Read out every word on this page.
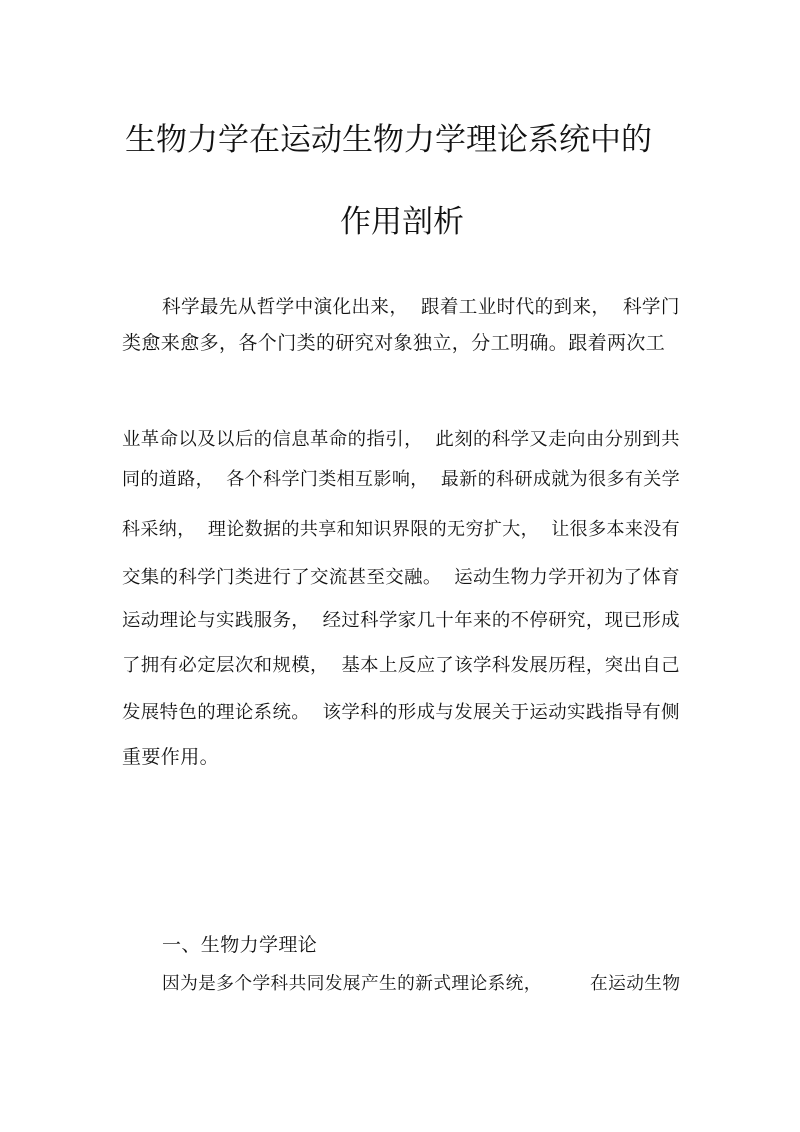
生物力学在运动生物力学理论系统中的
作用剖析
科学最先从哲学中演化出来，  跟着工业时代的到来，  科学门
类愈来愈多，各个门类的研究对象独立，分工明确。跟着两次工
业革命以及以后的信息革命的指引，  此刻的科学又走向由分别到共
同的道路，  各个科学门类相互影响，  最新的科研成就为很多有关学
科采纳，  理论数据的共享和知识界限的无穷扩大，  让很多本来没有
交集的科学门类进行了交流甚至交融。  运动生物力学开初为了体育
运动理论与实践服务，  经过科学家几十年来的不停研究，现已形成
了拥有必定层次和规模，  基本上反应了该学科发展历程，突出自己
发展特色的理论系统。  该学科的形成与发展关于运动实践指导有侧
重要作用。
一、生物力学理论
因为是多个学科共同发展产生的新式理论系统，        在运动生物
